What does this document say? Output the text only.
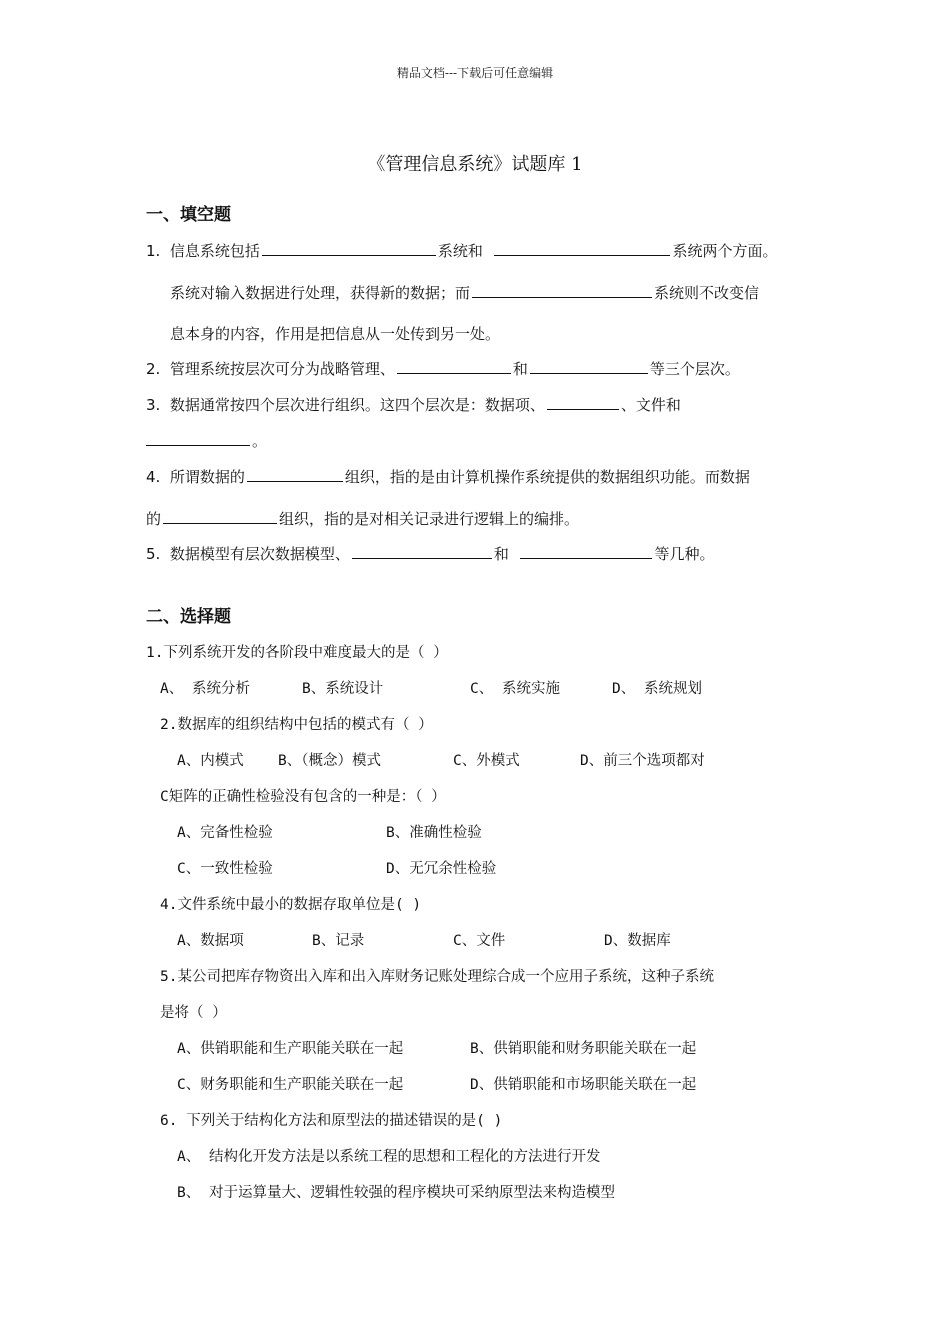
精品文档---下载后可任意编辑
《管理信息系统》试题库 1
一、填空题
1. 信息系统包括	系统和	系统两个方面。
系统对输入数据进行处理，获得新的数据；而	系统则不改变信
息本身的内容，作用是把信息从一处传到另一处。
2. 管理系统按层次可分为战略管理、	和	等三个层次。
3. 数据通常按四个层次进行组织。这四个层次是：数据项、	、文件和
。
4. 所谓数据的	组织，指的是由计算机操作系统提供的数据组织功能。而数据
的	组织，指的是对相关记录进行逻辑上的编排。
5. 数据模型有层次数据模型、	和	等几种。
二、选择题
1.下列系统开发的各阶段中难度最大的是（ ）
A、 系统分析	B、系统设计	C、 系统实施	D、 系统规划
2.数据库的组织结构中包括的模式有（ ）
A、内模式 B、（概念）模式	C、外模式	D、前三个选项都对
C矩阵的正确性检验没有包含的一种是：（ ）
A、完备性检验	B、准确性检验
C、一致性检验	D、无冗余性检验
4.文件系统中最小的数据存取单位是( )
A、数据项	B、记录	C、文件	D、数据库
5.某公司把库存物资出入库和出入库财务记账处理综合成一个应用子系统，这种子系统
是将（ ）
A、供销职能和生产职能关联在一起	B、供销职能和财务职能关联在一起
C、财务职能和生产职能关联在一起	D、供销职能和市场职能关联在一起
6. 下列关于结构化方法和原型法的描述错误的是( )
A、 结构化开发方法是以系统工程的思想和工程化的方法进行开发
B、 对于运算量大、逻辑性较强的程序模块可采纳原型法来构造模型
